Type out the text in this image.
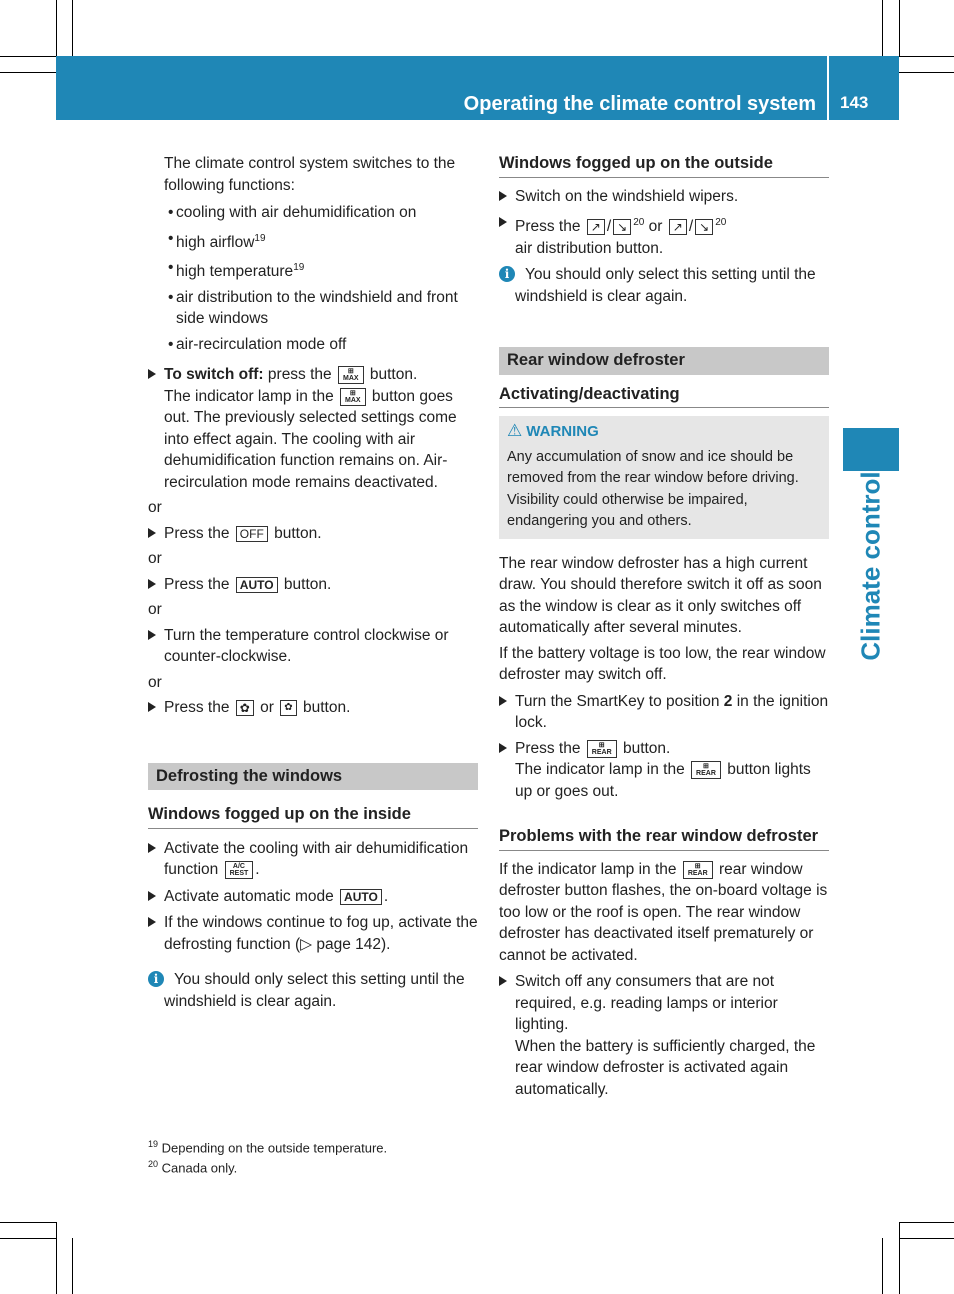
Operating the climate control system 143
Climate control

The climate control system switches to the following functions:

• cooling with air dehumidification on

• high airflow$^{19}$

• high temperature$^{19}$

• air distribution to the windshield and front side windows

• air-recirculation mode off

To switch off: press the ⊞
MAX button.
The indicator lamp in the ⊞
MAX button goes out. The previously selected settings come into effect again. The cooling with air dehumidification function remains on. Air-recirculation mode remains deactivated.

or

Press the OFF button.

or

Press the AUTO button.

or

Turn the temperature control clockwise or counter-clockwise.

or

Press the ✿ or ✿ button.

Defrosting the windows

Windows fogged up on the inside

Activate the cooling with air dehumidification function A/C
REST .
Activate automatic mode AUTO .
If the windows continue to fog up, activate the defrosting function (▷ page 142).
i	You should only select this setting until the windshield is clear again.

Windows fogged up on the outside

Switch on the windshield wipers.
Press the ↗ / ↘ $^{20}$ or ↗ / ↘ $^{20}$
air distribution button.
i	You should only select this setting until the windshield is clear again.

Rear window defroster

Activating/deactivating

⚠ WARNING
Any accumulation of snow and ice should be removed from the rear window before driving. Visibility could otherwise be impaired, endangering you and others.

The rear window defroster has a high current draw. You should therefore switch it off as soon as the window is clear as it only switches off automatically after several minutes.

If the battery voltage is too low, the rear window defroster may switch off.

Turn the SmartKey to position 2 in the ignition lock.
Press the	⊞
REAR button.
The indicator lamp in the	⊞
REAR button lights up or goes out.

Problems with the rear window defroster

If the indicator lamp in the	⊞
REAR rear window defroster button flashes, the on-board voltage is too low or the roof is open. The rear window defroster has deactivated itself prematurely or cannot be activated.

Switch off any consumers that are not required, e.g. reading lamps or interior lighting.
When the battery is sufficiently charged, the rear window defroster is activated again automatically.
$^{19}$ Depending on the outside temperature.
$^{20}$ Canada only.
